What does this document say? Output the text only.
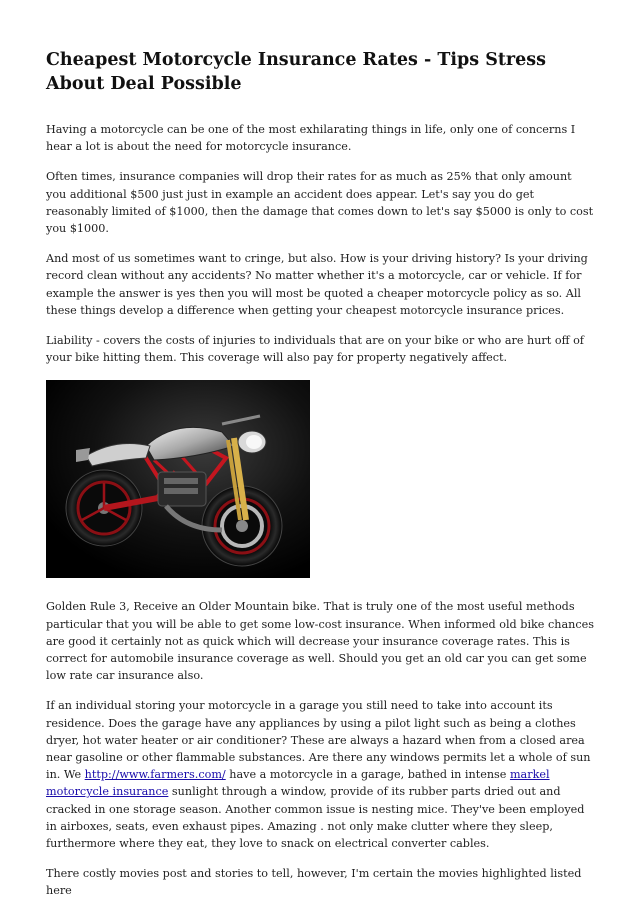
Cheapest Motorcycle Insurance Rates - Tips Stress About Deal Possible

Having a motorcycle can be one of the most exhilarating things in life, only one of concerns I hear a lot is about the need for motorcycle insurance.

Often times, insurance companies will drop their rates for as much as 25% that only amount you additional $500 just just in example an accident does appear. Let's say you do get reasonably limited of $1000, then the damage that comes down to let's say $5000 is only to cost you $1000.

And most of us sometimes want to cringe, but also. How is your driving history? Is your driving record clean without any accidents? No matter whether it's a motorcycle, car or vehicle. If for example the answer is yes then you will most be quoted a cheaper motorcycle policy as so. All these things develop a difference when getting your cheapest motorcycle insurance prices.

Liability - covers the costs of injuries to individuals that are on your bike or who are hurt off of your bike hitting them. This coverage will also pay for property negatively affect.

Golden Rule 3, Receive an Older Mountain bike. That is truly one of the most useful methods particular that you will be able to get some low-cost insurance. When informed old bike chances are good it certainly not as quick which will decrease your insurance coverage rates. This is correct for automobile insurance coverage as well. Should you get an old car you can get some low rate car insurance also.

If an individual storing your motorcycle in a garage you still need to take into account its residence. Does the garage have any appliances by using a pilot light such as being a clothes dryer, hot water heater or air conditioner? These are always a hazard when from a closed area near gasoline or other flammable substances. Are there any windows permits let a whole of sun in. We http://www.farmers.com/ have a motorcycle in a garage, bathed in intense markel motorcycle insurance sunlight through a window, provide of its rubber parts dried out and cracked in one storage season. Another common issue is nesting mice. They've been employed in airboxes, seats, even exhaust pipes. Amazing . not only make clutter where they sleep, furthermore where they eat, they love to snack on electrical converter cables.

There costly movies post and stories to tell, however, I'm certain the movies highlighted listed here
